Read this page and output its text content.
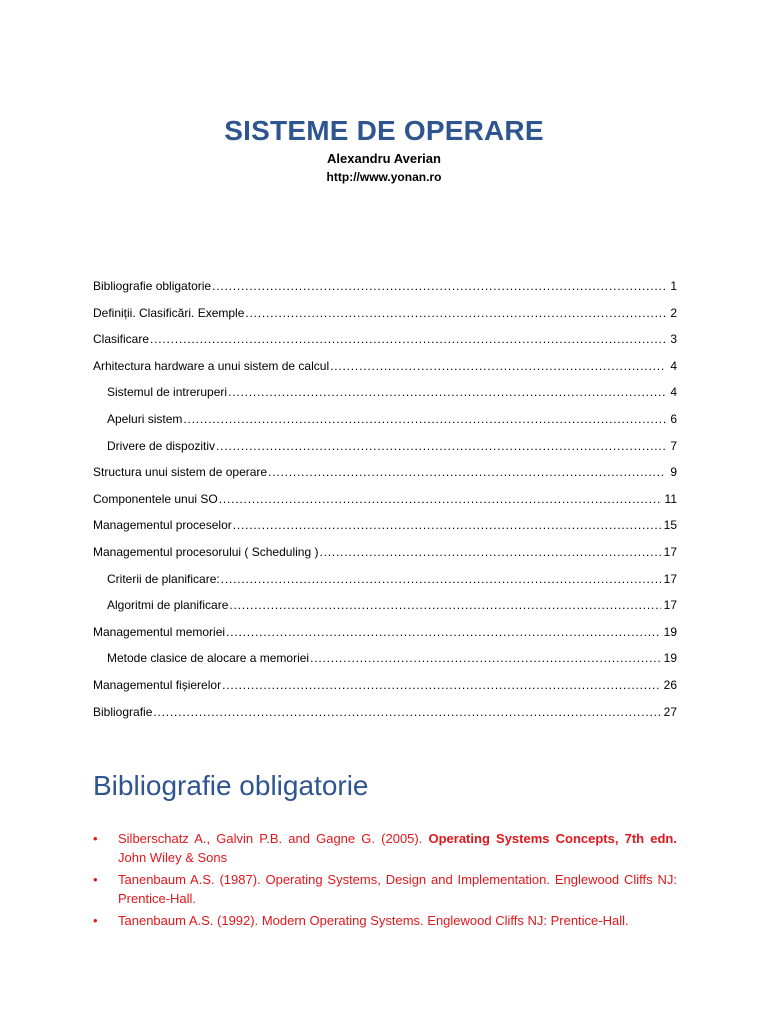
SISTEME DE OPERARE
Alexandru Averian
http://www.yonan.ro
Bibliografie obligatorie .....	1
Definiții. Clasificări. Exemple .....	2
Clasificare .....	3
Arhitectura hardware a unui sistem de calcul .....	4
Sistemul de intreruperi .....	4
Apeluri sistem .....	6
Drivere de dispozitiv .....	7
Structura unui sistem de operare .....	9
Componentele unui SO .....	11
Managementul proceselor .....	15
Managementul procesorului ( Scheduling ) .....	17
Criterii de planificare: .....	17
Algoritmi de planificare .....	17
Managementul memoriei .....	19
Metode clasice de alocare a memoriei .....	19
Managementul fișierelor .....	26
Bibliografie .....	27
Bibliografie obligatorie
• Silberschatz A., Galvin P.B. and Gagne G. (2005). Operating Systems Concepts, 7th edn. John Wiley & Sons
• Tanenbaum A.S. (1987). Operating Systems, Design and Implementation. Englewood Cliffs NJ: Prentice-Hall.
• Tanenbaum A.S. (1992). Modern Operating Systems. Englewood Cliffs NJ: Prentice-Hall.
